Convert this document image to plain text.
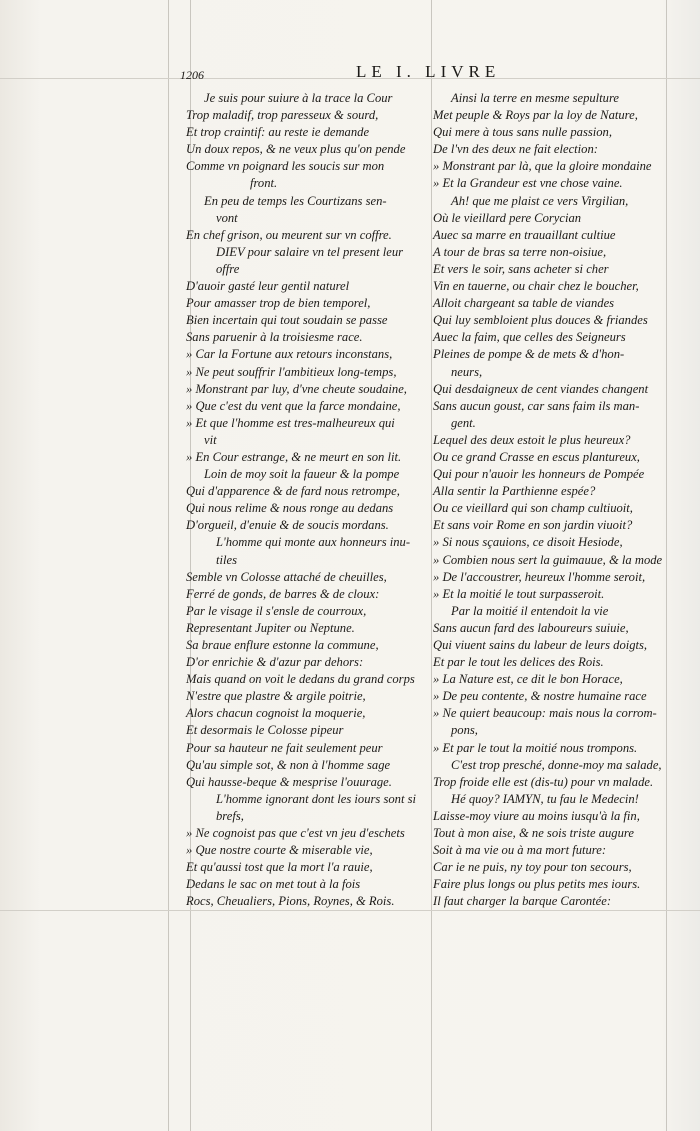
1206	LE I. LIVRE
Je suis pour suiure à la trace la Cour
Trop maladif, trop paresseux & sourd,
Et trop craintif: au reste ie demande
Un doux repos, & ne veux plus qu'on pende
Comme vn poignard les soucis sur mon
front.
En peu de temps les Courtizans sen-
vont
En chef grison, ou meurent sur vn coffre.
DIEV pour salaire vn tel present leur
offre
D'auoir gasté leur gentil naturel
Pour amasser trop de bien temporel,
Bien incertain qui tout soudain se passe
Sans paruenir à la troisiesme race.
» Car la Fortune aux retours inconstans,
» Ne peut souffrir l'ambitieux long-temps,
» Monstrant par luy, d'vne cheute soudaine,
» Que c'est du vent que la farce mondaine,
» Et que l'homme est tres-malheureux qui
vit
» En Cour estrange, & ne meurt en son lit.
Loin de moy soit la faueur & la pompe
Qui d'apparence & de fard nous retrompe,
Qui nous relime & nous ronge au dedans
D'orgueil, d'enuie & de soucis mordans.
L'homme qui monte aux honneurs inu-
tiles
Semble vn Colosse attaché de cheuilles,
Ferré de gonds, de barres & de cloux:
Par le visage il s'ensle de courroux,
Representant Jupiter ou Neptune.
Sa braue enflure estonne la commune,
D'or enrichie & d'azur par dehors:
Mais quand on voit le dedans du grand corps
N'estre que plastre & argile poitrie,
Alors chacun cognoist la moquerie,
Et desormais le Colosse pipeur
Pour sa hauteur ne fait seulement peur
Qu'au simple sot, & non à l'homme sage
Qui hausse-beque & mesprise l'ouurage.
L'homme ignorant dont les iours sont si
brefs,
» Ne cognoist pas que c'est vn jeu d'eschets
» Que nostre courte & miserable vie,
Et qu'aussi tost que la mort l'a rauie,
Dedans le sac on met tout à la fois
Rocs, Cheualiers, Pions, Roynes, & Rois.
Ainsi la terre en mesme sepulture
Met peuple & Roys par la loy de Nature,
Qui mere à tous sans nulle passion,
De l'vn des deux ne fait election:
» Monstrant par là, que la gloire mondaine
» Et la Grandeur est vne chose vaine.
Ah! que me plaist ce vers Virgilian,
Où le vieillard pere Corycian
Auec sa marre en trauaillant cultiue
A tour de bras sa terre non-oisiue,
Et vers le soir, sans acheter si cher
Vin en tauerne, ou chair chez le boucher,
Alloit chargeant sa table de viandes
Qui luy sembloient plus douces & friandes
Auec la faim, que celles des Seigneurs
Pleines de pompe & de mets & d'hon-
neurs,
Qui desdaigneux de cent viandes changent
Sans aucun goust, car sans faim ils man-
gent.
Lequel des deux estoit le plus heureux?
Ou ce grand Crasse en escus plantureux,
Qui pour n'auoir les honneurs de Pompée
Alla sentir la Parthienne espée?
Ou ce vieillard qui son champ cultiuoit,
Et sans voir Rome en son jardin viuoit?
» Si nous sçauions, ce disoit Hesiode,
» Combien nous sert la guimauue, & la mode
» De l'accoustrer, heureux l'homme seroit,
» Et la moitié le tout surpasseroit.
Par la moitié il entendoit la vie
Sans aucun fard des laboureurs suiuie,
Qui viuent sains du labeur de leurs doigts,
Et par le tout les delices des Rois.
» La Nature est, ce dit le bon Horace,
» De peu contente, & nostre humaine race
» Ne quiert beaucoup: mais nous la corrom-
pons,
» Et par le tout la moitié nous trompons.
C'est trop presché, donne-moy ma salade,
Trop froide elle est (dis-tu) pour vn malade.
Hé quoy? IAMYN, tu fau le Medecin!
Laisse-moy viure au moins iusqu'à la fin,
Tout à mon aise, & ne sois triste augure
Soit à ma vie ou à ma mort future:
Car ie ne puis, ny toy pour ton secours,
Faire plus longs ou plus petits mes iours.
Il faut charger la barque Carontée:
